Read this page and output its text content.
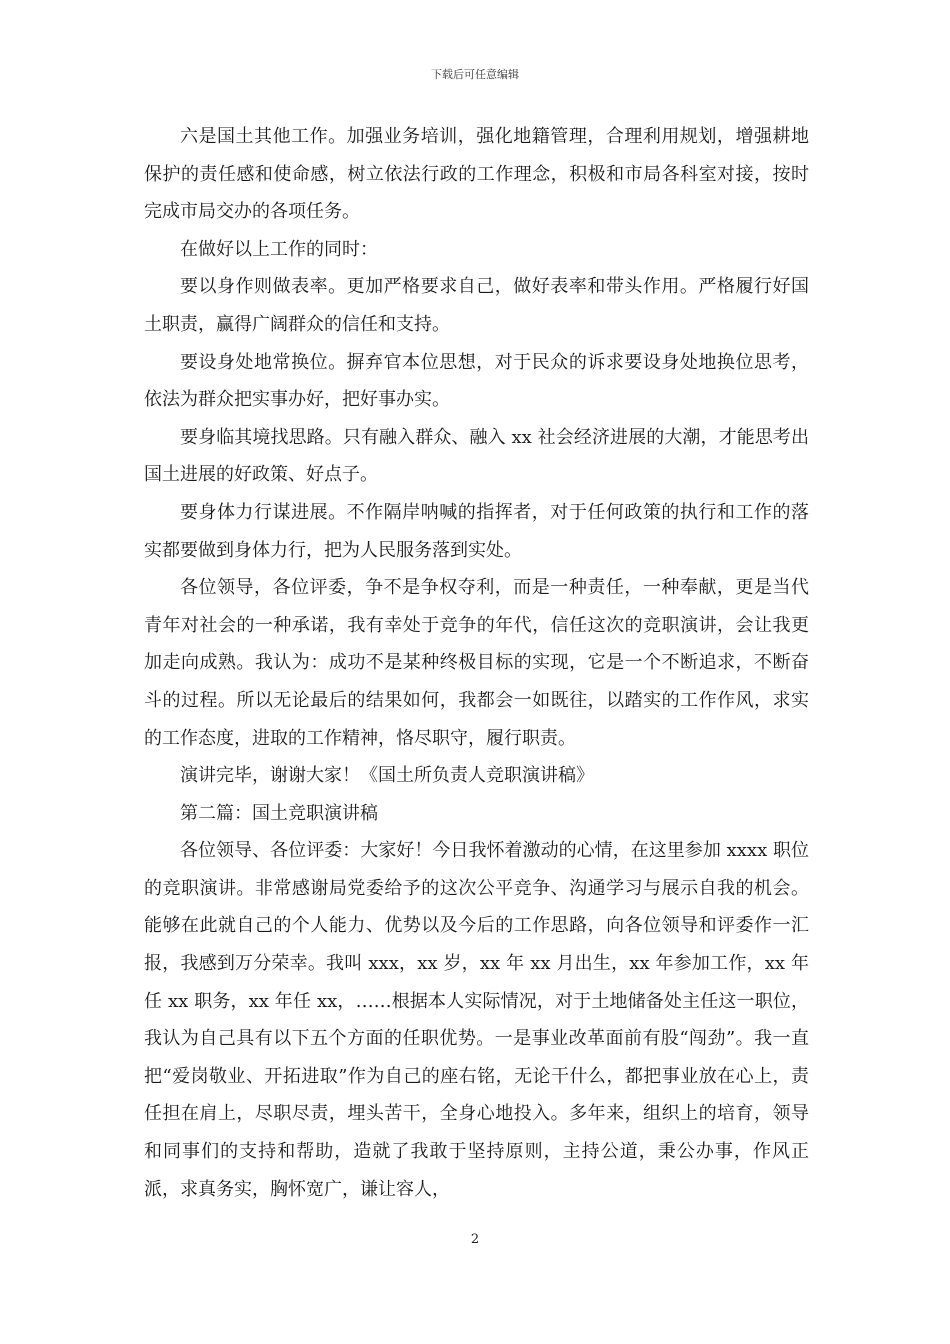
下载后可任意编辑

六是国土其他工作。加强业务培训，强化地籍管理，合理利用规划，增强耕地保护的责任感和使命感，树立依法行政的工作理念，积极和市局各科室对接，按时完成市局交办的各项任务。

在做好以上工作的同时：

要以身作则做表率。更加严格要求自己，做好表率和带头作用。严格履行好国土职责，赢得广阔群众的信任和支持。

要设身处地常换位。摒弃官本位思想，对于民众的诉求要设身处地换位思考，依法为群众把实事办好，把好事办实。

要身临其境找思路。只有融入群众、融入 xx 社会经济进展的大潮，才能思考出国土进展的好政策、好点子。

要身体力行谋进展。不作隔岸呐喊的指挥者，对于任何政策的执行和工作的落实都要做到身体力行，把为人民服务落到实处。

各位领导，各位评委，争不是争权夺利，而是一种责任，一种奉献，更是当代青年对社会的一种承诺，我有幸处于竞争的年代，信任这次的竞职演讲，会让我更加走向成熟。我认为：成功不是某种终极目标的实现，它是一个不断追求，不断奋斗的过程。所以无论最后的结果如何，我都会一如既往，以踏实的工作作风，求实的工作态度，进取的工作精神，恪尽职守，履行职责。

演讲完毕，谢谢大家！《国土所负责人竞职演讲稿》

第二篇：国土竞职演讲稿

各位领导、各位评委：大家好！今日我怀着激动的心情，在这里参加 xxxx 职位的竞职演讲。非常感谢局党委给予的这次公平竞争、沟通学习与展示自我的机会。能够在此就自己的个人能力、优势以及今后的工作思路，向各位领导和评委作一汇报，我感到万分荣幸。我叫 xxx，xx 岁，xx 年 xx 月出生，xx 年参加工作，xx 年任 xx 职务，xx 年任 xx，……根据本人实际情况，对于土地储备处主任这一职位，我认为自己具有以下五个方面的任职优势。一是事业改革面前有股“闯劲”。我一直把“爱岗敬业、开拓进取”作为自己的座右铭，无论干什么，都把事业放在心上，责任担在肩上，尽职尽责，埋头苦干，全身心地投入。多年来，组织上的培育，领导和同事们的支持和帮助，造就了我敢于坚持原则，主持公道，秉公办事，作风正派，求真务实，胸怀宽广，谦让容人，

2
